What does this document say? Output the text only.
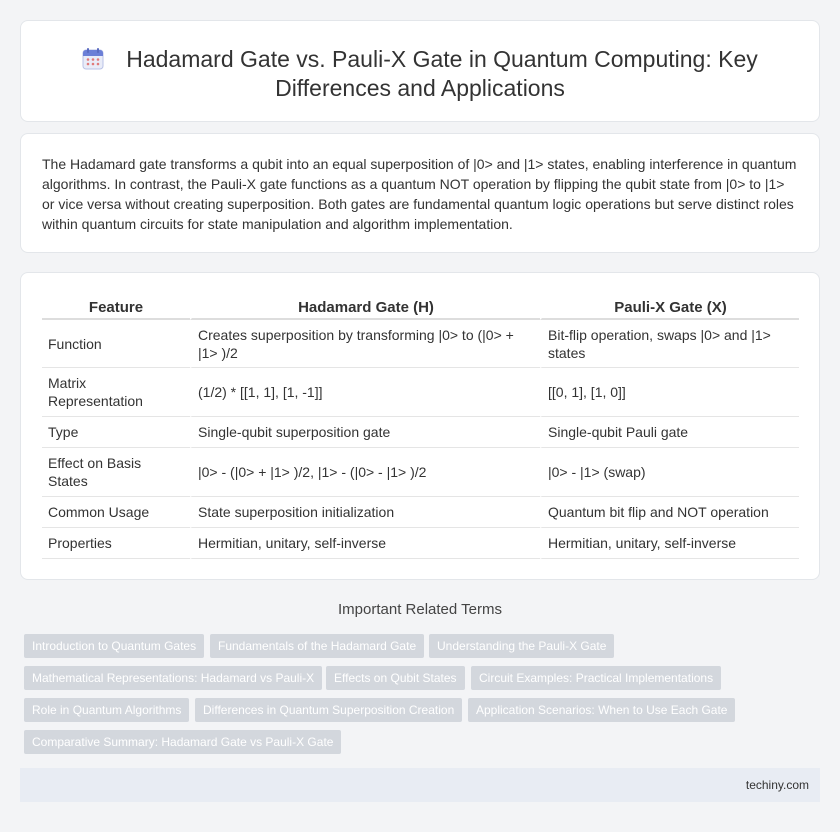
Hadamard Gate vs. Pauli-X Gate in Quantum Computing: Key
Differences and Applications

The Hadamard gate transforms a qubit into an equal superposition of |0> and |1> states, enabling interference in quantum algorithms. In contrast, the Pauli-X gate functions as a quantum NOT operation by flipping the qubit state from |0> to |1> or vice versa without creating superposition. Both gates are fundamental quantum logic operations but serve distinct roles within quantum circuits for state manipulation and algorithm implementation.

Feature	Hadamard Gate (H)	Pauli-X Gate (X)
Function	Creates superposition by transforming |0> to (|0> + |1> )/2	Bit-flip operation, swaps |0> and |1> states
Matrix Representation	(1/2) * [[1, 1], [1, -1]]	[[0, 1], [1, 0]]
Type	Single-qubit superposition gate	Single-qubit Pauli gate
Effect on Basis States	|0> - (|0> + |1> )/2, |1> - (|0> - |1> )/2	|0> - |1> (swap)
Common Usage	State superposition initialization	Quantum bit flip and NOT operation
Properties	Hermitian, unitary, self-inverse	Hermitian, unitary, self-inverse
Important Related Terms
Introduction to Quantum Gates	Fundamentals of the Hadamard Gate	Understanding the Pauli-X Gate
Mathematical Representations: Hadamard vs Pauli-X	Effects on Qubit States	Circuit Examples: Practical Implementations
Role in Quantum Algorithms	Differences in Quantum Superposition Creation	Application Scenarios: When to Use Each Gate
Comparative Summary: Hadamard Gate vs Pauli-X Gate
techiny.com
